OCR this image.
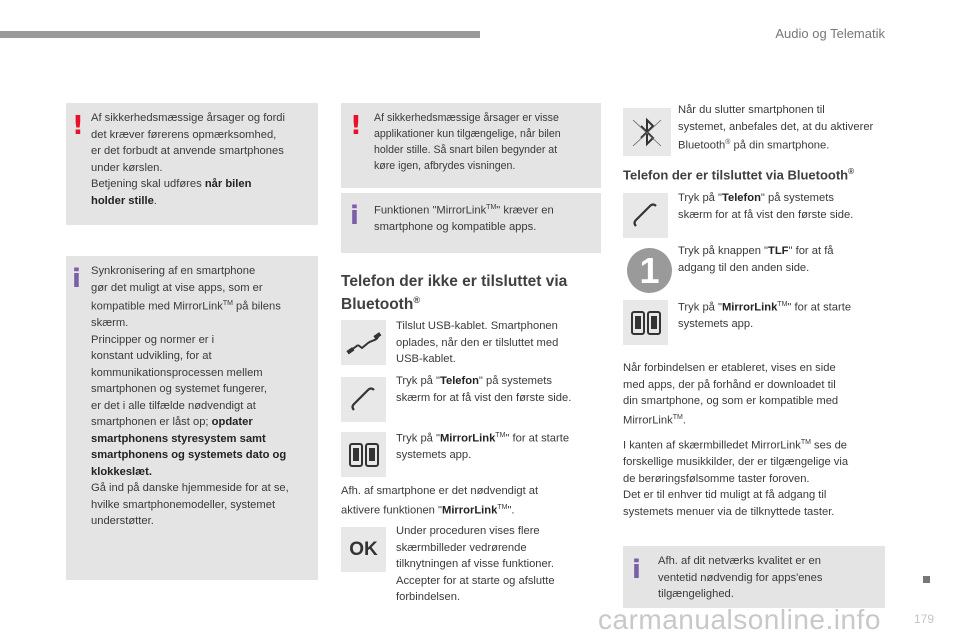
Audio og Telematik
! Af sikkerhedsmæssige årsager og fordi
det kræver førerens opmærksomhed,
er det forbudt at anvende smartphones
under kørslen.
Betjening skal udføres når bilen
holder stille.
i Synkronisering af en smartphone
gør det muligt at vise apps, som er
kompatible med MirrorLink™ på bilens
skærm.
Principper og normer er i
konstant udvikling, for at
kommunikationsprocessen mellem
smartphonen og systemet fungerer,
er det i alle tilfælde nødvendigt at
smartphonen er låst op; opdater
smartphonens styresystem samt
smartphonens og systemets dato og
klokkeslæt.
Gå ind på danske hjemmeside for at se,
hvilke smartphonemodeller, systemet
understøtter.
! Af sikkerhedsmæssige årsager er visse
applikationer kun tilgængelige, når bilen
holder stille. Så snart bilen begynder at
køre igen, afbrydes visningen.
i Funktionen "MirrorLink™" kræver en
smartphone og kompatible apps.
Telefon der ikke er tilsluttet via
Bluetooth®
Tilslut USB-kablet. Smartphonen
oplades, når den er tilsluttet med
USB-kablet.
Tryk på "Telefon" på systemets
skærm for at få vist den første side.
Tryk på "MirrorLink™" for at starte
systemets app.
Afh. af smartphone er det nødvendigt at
aktivere funktionen "MirrorLink™".
OK
Under proceduren vises flere
skærmbilleder vedrørende
tilknytningen af visse funktioner.
Accepter for at starte og afslutte
forbindelsen.
Når du slutter smartphonen til
systemet, anbefales det, at du aktiverer
Bluetooth® på din smartphone.
Telefon der er tilsluttet via Bluetooth®
Tryk på "Telefon" på systemets
skærm for at få vist den første side.
1	Tryk på knappen "TLF" for at få
adgang til den anden side.
Tryk på "MirrorLink™" for at starte
systemets app.
Når forbindelsen er etableret, vises en side
med apps, der på forhånd er downloadet til
din smartphone, og som er kompatible med
MirrorLink™.
I kanten af skærmbilledet MirrorLink™ ses de
forskellige musikkilder, der er tilgængelige via
de berøringsfølsomme taster foroven.
Det er til enhver tid muligt at få adgang til
systemets menuer via de tilknyttede taster.
i Afh. af dit netværks kvalitet er en
ventetid nødvendig for apps'enes
tilgængelighed.
179
carmanualsonline.info
